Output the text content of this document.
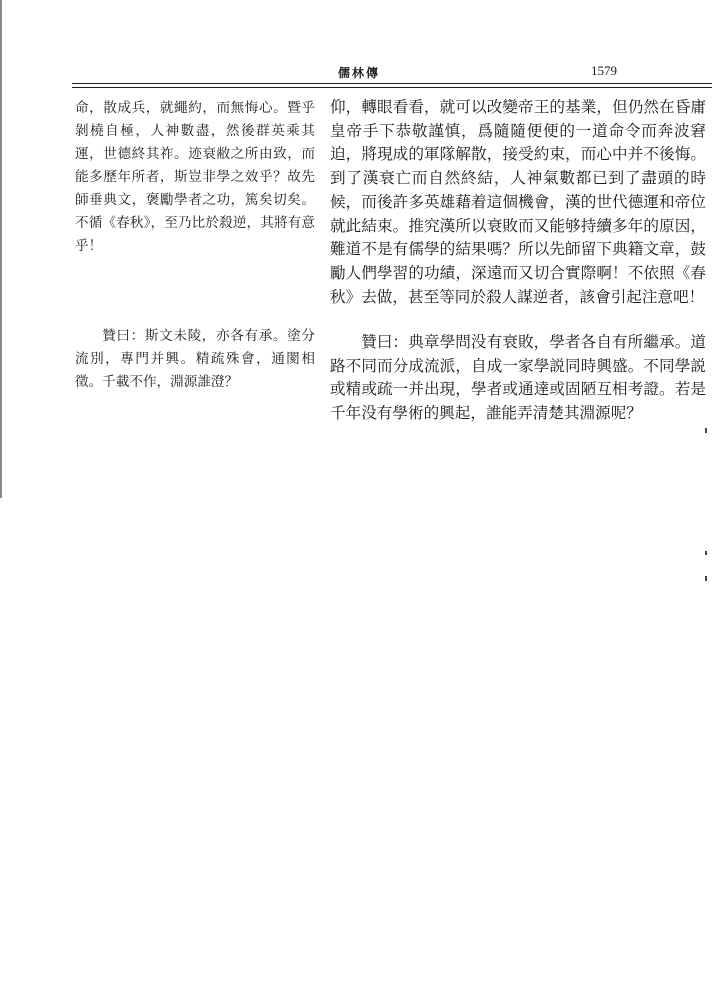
儒林傳	1579

命，散成兵，就繩約，而無悔心。暨乎剝橈自極，人神數盡，然後群英乘其運，世德終其祚。迹衰敝之所由致，而能多歷年所者，斯豈非學之效乎？故先師垂典文，褒勵學者之功，篤矣切矣。不循《春秋》，至乃比於殺逆，其將有意乎！

贊曰：斯文未陵，亦各有承。塗分流別，專門并興。精疏殊會，通閡相徵。千載不作，淵源誰澄？

仰，轉眼看看，就可以改變帝王的基業，但仍然在昏庸皇帝手下恭敬謹慎，爲隨隨便便的一道命令而奔波窘迫，將現成的軍隊解散，接受約束，而心中并不後悔。到了漢衰亡而自然終結，人神氣數都已到了盡頭的時候，而後許多英雄藉着這個機會，漢的世代德運和帝位就此結束。推究漢所以衰敗而又能够持續多年的原因，難道不是有儒學的結果嗎？所以先師留下典籍文章，鼓勵人們學習的功績，深遠而又切合實際啊！不依照《春秋》去做，甚至等同於殺人謀逆者，該會引起注意吧！

贊曰：典章學問没有衰敗，學者各自有所繼承。道路不同而分成流派，自成一家學説同時興盛。不同學説或精或疏一并出現，學者或通達或固陋互相考證。若是千年没有學術的興起，誰能弄清楚其淵源呢？
